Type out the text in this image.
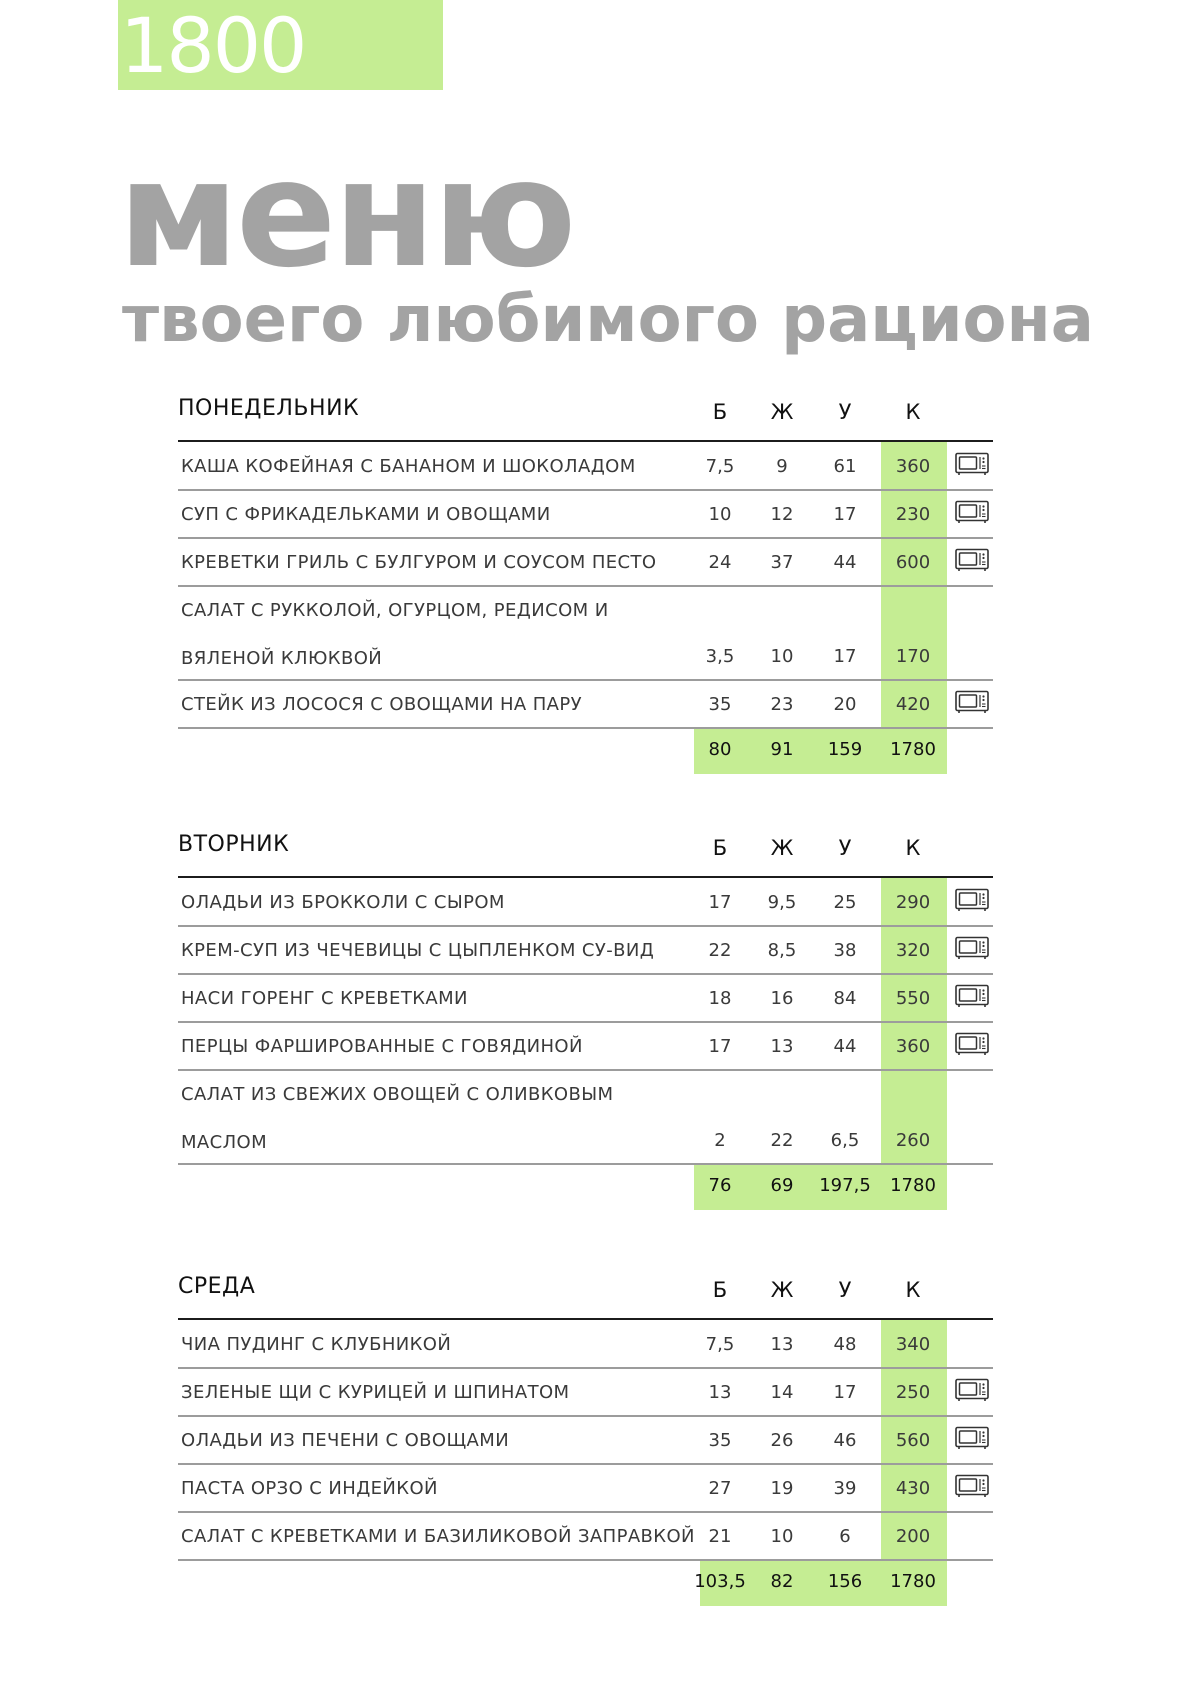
1800
меню
твоего любимого рациона
ПОНЕДЕЛЬНИК	Б	Ж	У	К
КАША КОФЕЙНАЯ С БАНАНОМ И ШОКОЛАДОМ	7,5	9	61	360
СУП С ФРИКАДЕЛЬКАМИ И ОВОЩАМИ	10	12	17	230
КРЕВЕТКИ ГРИЛЬ С БУЛГУРОМ И СОУСОМ ПЕСТО	24	37	44	600
САЛАТ С РУККОЛОЙ, ОГУРЦОМ, РЕДИСОМ И
ВЯЛЕНОЙ КЛЮКВОЙ	3,5	10	17	170
СТЕЙК ИЗ ЛОСОСЯ С ОВОЩАМИ НА ПАРУ	35	23	20	420
80	91	159	1780
ВТОРНИК	Б	Ж	У	К
ОЛАДЬИ ИЗ БРОККОЛИ С СЫРОМ	17	9,5	25	290
КРЕМ-СУП ИЗ ЧЕЧЕВИЦЫ С ЦЫПЛЕНКОМ СУ-ВИД	22	8,5	38	320
НАСИ ГОРЕНГ С КРЕВЕТКАМИ	18	16	84	550
ПЕРЦЫ ФАРШИРОВАННЫЕ С ГОВЯДИНОЙ	17	13	44	360
САЛАТ ИЗ СВЕЖИХ ОВОЩЕЙ С ОЛИВКОВЫМ
МАСЛОМ	2	22	6,5	260
76	69	197,5	1780
СРЕДА	Б	Ж	У	К
ЧИА ПУДИНГ С КЛУБНИКОЙ	7,5	13	48	340
ЗЕЛЕНЫЕ ЩИ С КУРИЦЕЙ И ШПИНАТОМ	13	14	17	250
ОЛАДЬИ ИЗ ПЕЧЕНИ С ОВОЩАМИ	35	26	46	560
ПАСТА ОРЗО С ИНДЕЙКОЙ	27	19	39	430
САЛАТ С КРЕВЕТКАМИ И БАЗИЛИКОВОЙ ЗАПРАВКОЙ 21	10	6	200
103,5	82	156	1780
